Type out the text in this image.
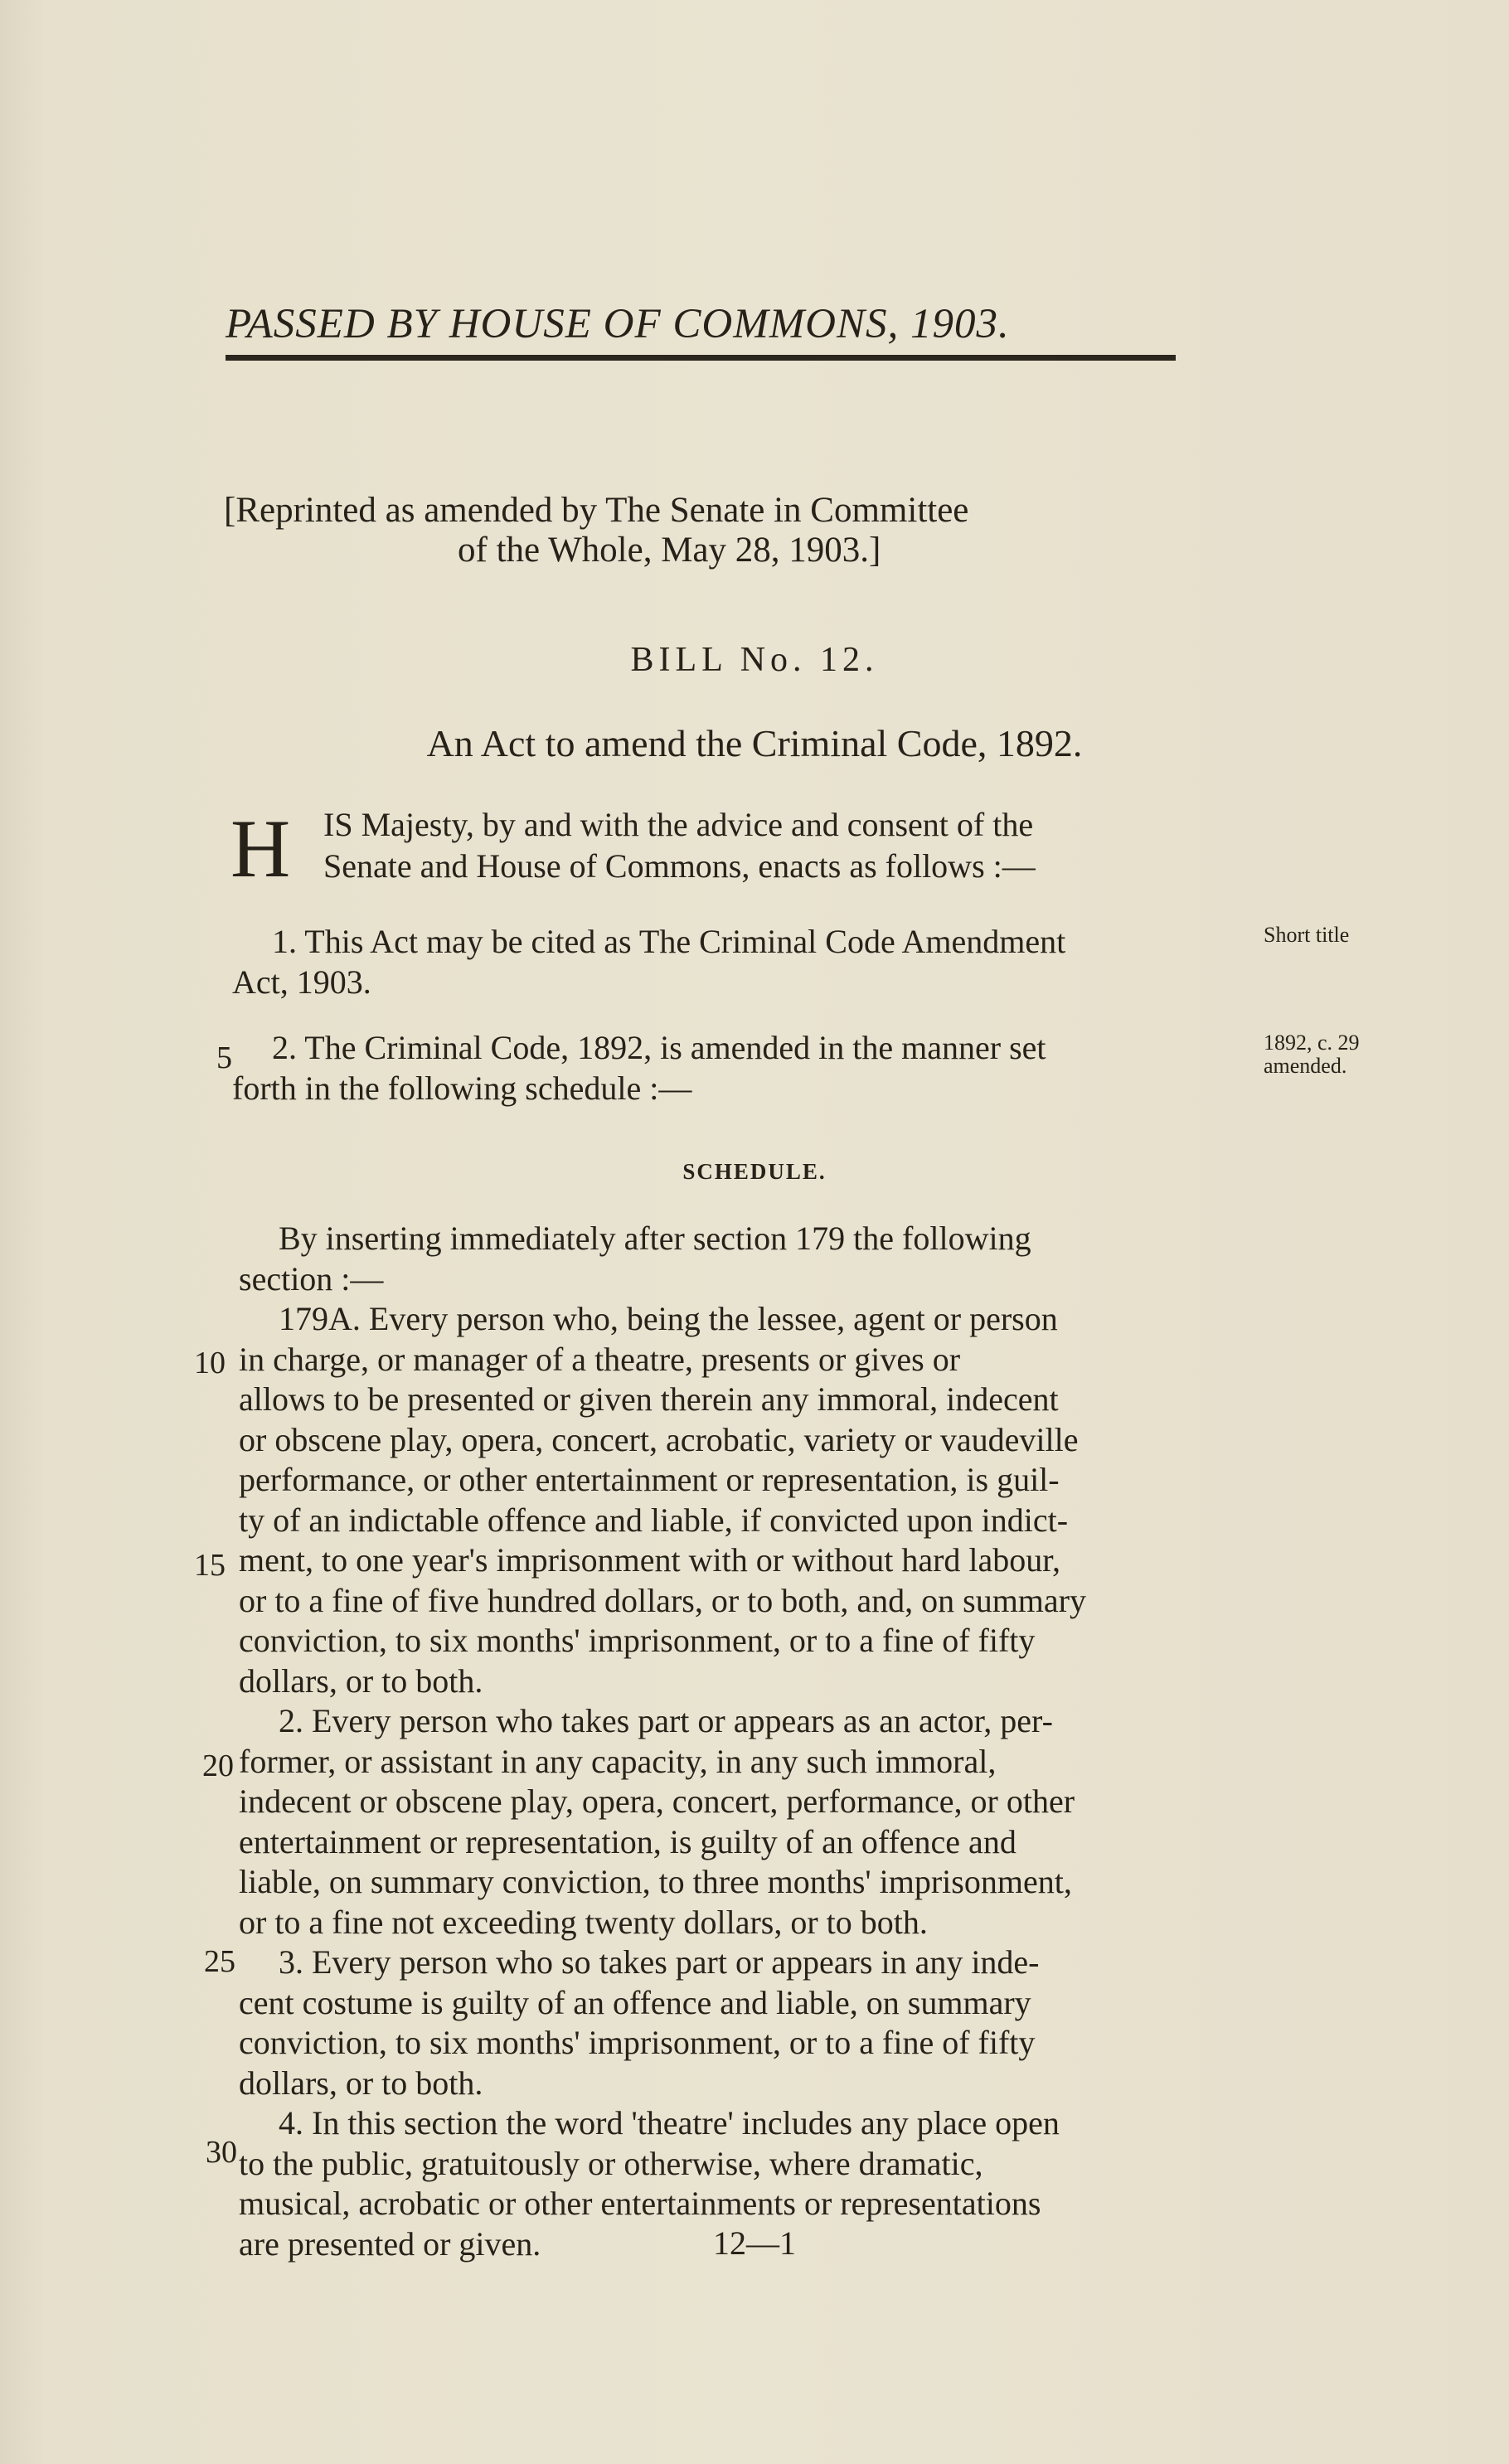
PASSED BY HOUSE OF COMMONS, 1903.
[Reprinted as amended by The Senate in Committee
of the Whole, May 28, 1903.]
BILL No. 12.
An Act to amend the Criminal Code, 1892.
H IS Majesty, by and with the advice and consent of the
Senate and House of Commons, enacts as follows :—
1. This Act may be cited as The Criminal Code Amendment
Act, 1903.
Short title
5	2. The Criminal Code, 1892, is amended in the manner set
forth in the following schedule :—
1892, c. 29
amended.
SCHEDULE.
By inserting immediately after section 179 the following
section :—
179A. Every person who, being the lessee, agent or person
in charge, or manager of a theatre, presents or gives or
allows to be presented or given therein any immoral, indecent
or obscene play, opera, concert, acrobatic, variety or vaudeville
performance, or other entertainment or representation, is guil-
ty of an indictable offence and liable, if convicted upon indict-
ment, to one year's imprisonment with or without hard labour,
or to a fine of five hundred dollars, or to both, and, on summary
conviction, to six months' imprisonment, or to a fine of fifty
dollars, or to both.
2. Every person who takes part or appears as an actor, per-
former, or assistant in any capacity, in any such immoral,
indecent or obscene play, opera, concert, performance, or other
entertainment or representation, is guilty of an offence and
liable, on summary conviction, to three months' imprisonment,
or to a fine not exceeding twenty dollars, or to both.
3. Every person who so takes part or appears in any inde-
cent costume is guilty of an offence and liable, on summary
conviction, to six months' imprisonment, or to a fine of fifty
dollars, or to both.
4. In this section the word 'theatre' includes any place open
to the public, gratuitously or otherwise, where dramatic,
musical, acrobatic or other entertainments or representations
are presented or given.
10
15
20
25
30
12—1
